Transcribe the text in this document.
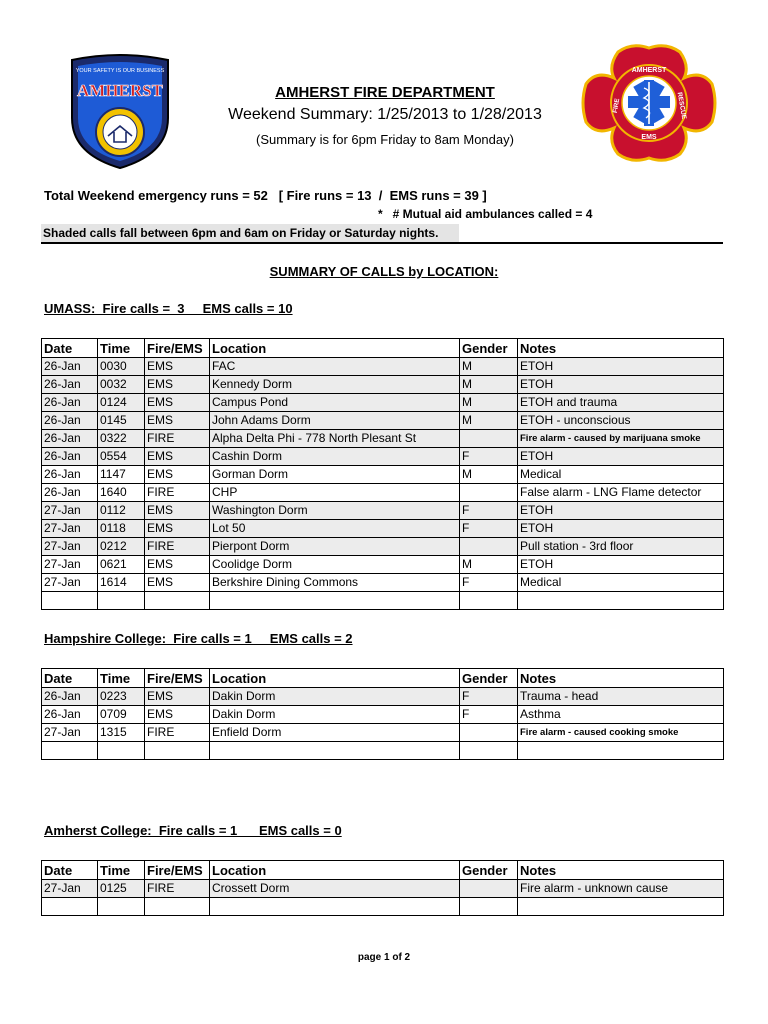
YOUR SAFETY IS OUR BUSINESS
AMHERST
AMHERST
FIRE	RESCUE
EMS
AMHERST FIRE DEPARTMENT
Weekend Summary: 1/25/2013 to 1/28/2013
(Summary is for 6pm Friday to 8am Monday)
Total Weekend emergency runs = 52   [ Fire runs = 13  /  EMS runs = 39 ]
*   # Mutual aid ambulances called = 4
Shaded calls fall between 6pm and 6am on Friday or Saturday nights.
SUMMARY OF CALLS by LOCATION:
UMASS:  Fire calls =  3     EMS calls = 10
Date	Time	Fire/EMS	Location	Gender	Notes
26-Jan	0030	EMS	FAC	M	ETOH
26-Jan	0032	EMS	Kennedy Dorm	M	ETOH
26-Jan	0124	EMS	Campus Pond	M	ETOH and trauma
26-Jan	0145	EMS	John Adams Dorm	M	ETOH - unconscious
26-Jan	0322	FIRE	Alpha Delta Phi - 778 North Plesant St		Fire alarm - caused by marijuana smoke
26-Jan	0554	EMS	Cashin Dorm	F	ETOH
26-Jan	1147	EMS	Gorman Dorm	M	Medical
26-Jan	1640	FIRE	CHP		False alarm - LNG Flame detector
27-Jan	0112	EMS	Washington Dorm	F	ETOH
27-Jan	0118	EMS	Lot 50	F	ETOH
27-Jan	0212	FIRE	Pierpont Dorm		Pull station - 3rd floor
27-Jan	0621	EMS	Coolidge Dorm	M	ETOH
27-Jan	1614	EMS	Berkshire Dining Commons	F	Medical

Hampshire College:  Fire calls = 1     EMS calls = 2
Date	Time	Fire/EMS	Location	Gender	Notes
26-Jan	0223	EMS	Dakin Dorm	F	Trauma - head
26-Jan	0709	EMS	Dakin Dorm	F	Asthma
27-Jan	1315	FIRE	Enfield Dorm		Fire alarm - caused cooking smoke

Amherst College:  Fire calls = 1      EMS calls = 0
Date	Time	Fire/EMS	Location	Gender	Notes
27-Jan	0125	FIRE	Crossett Dorm		Fire alarm - unknown cause

page 1 of 2
